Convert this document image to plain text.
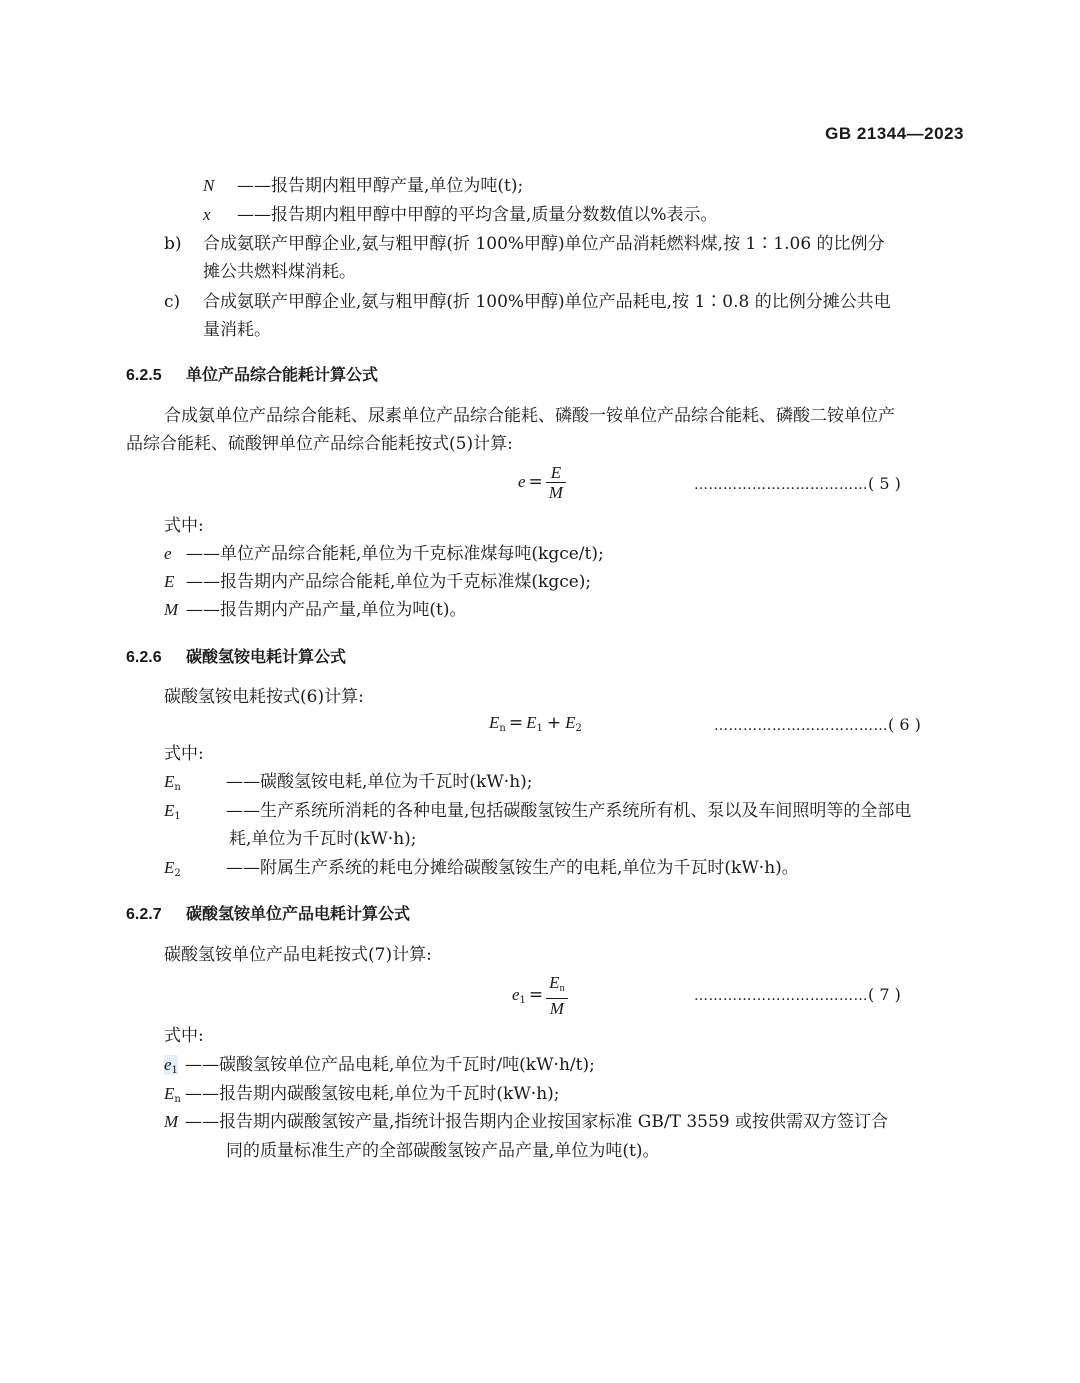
GB 21344—2023
N ——报告期内粗甲醇产量,单位为吨(t);
x ——报告期内粗甲醇中甲醇的平均含量,质量分数数值以%表示。
b) 合成氨联产甲醇企业,氨与粗甲醇(折 100%甲醇)单位产品消耗燃料煤,按 1∶1.06 的比例分
摊公共燃料煤消耗。
c) 合成氨联产甲醇企业,氨与粗甲醇(折 100%甲醇)单位产品耗电,按 1∶0.8 的比例分摊公共电
量消耗。
6.2.5 单位产品综合能耗计算公式
合成氨单位产品综合能耗、尿素单位产品综合能耗、磷酸一铵单位产品综合能耗、磷酸二铵单位产
品综合能耗、硫酸钾单位产品综合能耗按式(5)计算:
$e = \frac{E}{M}$	………………………………( 5 )
式中:
e ——单位产品综合能耗,单位为千克标准煤每吨(kgce/t);
E ——报告期内产品综合能耗,单位为千克标准煤(kgce);
M ——报告期内产品产量,单位为吨(t)。
6.2.6 碳酸氢铵电耗计算公式
碳酸氢铵电耗按式(6)计算:
$E_n = E_1 + E_2$	………………………………( 6 )
式中:
$E_n$	——碳酸氢铵电耗,单位为千瓦时(kW·h);
$E_1$	——生产系统所消耗的各种电量,包括碳酸氢铵生产系统所有机、泵以及车间照明等的全部电
耗,单位为千瓦时(kW·h);
$E_2$	——附属生产系统的耗电分摊给碳酸氢铵生产的电耗,单位为千瓦时(kW·h)。
6.2.7 碳酸氢铵单位产品电耗计算公式
碳酸氢铵单位产品电耗按式(7)计算:
$e_1 = \frac{E_n}{M}$	………………………………( 7 )
式中:
$e_1$ ——碳酸氢铵单位产品电耗,单位为千瓦时/吨(kW·h/t);
$E_n$ ——报告期内碳酸氢铵电耗,单位为千瓦时(kW·h);
M ——报告期内碳酸氢铵产量,指统计报告期内企业按国家标准 GB/T 3559 或按供需双方签订合
同的质量标准生产的全部碳酸氢铵产品产量,单位为吨(t)。
